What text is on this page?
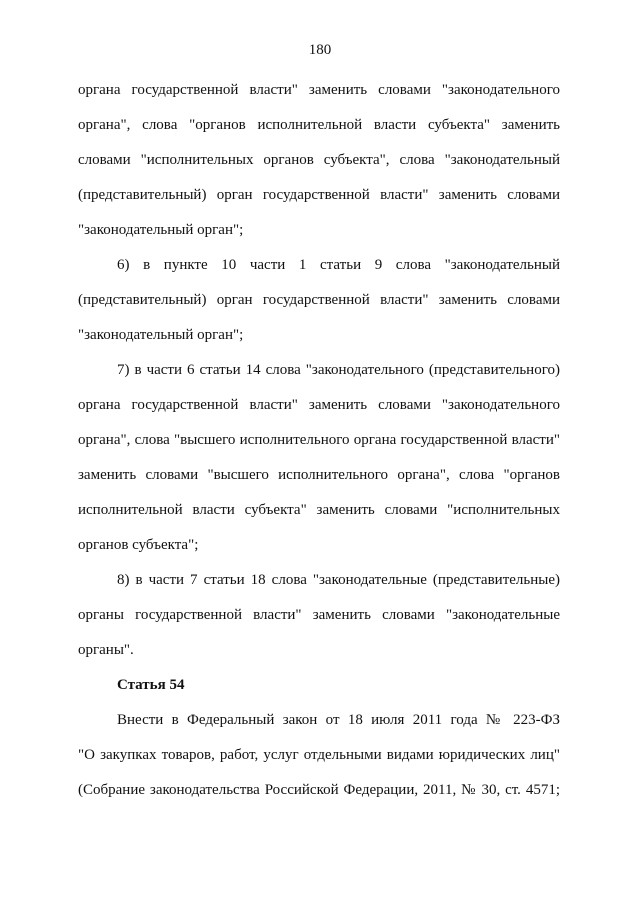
180
органа государственной власти" заменить словами "законодательного
органа", слова "органов исполнительной власти субъекта" заменить
словами "исполнительных органов субъекта", слова "законодательный
(представительный) орган государственной власти" заменить словами
"законодательный орган";
6) в пункте 10 части 1 статьи 9 слова "законодательный
(представительный) орган государственной власти" заменить словами
"законодательный орган";
7) в части 6 статьи 14 слова "законодательного (представительного)
органа государственной власти" заменить словами "законодательного
органа", слова "высшего исполнительного органа государственной власти"
заменить словами "высшего исполнительного органа", слова "органов
исполнительной власти субъекта" заменить словами "исполнительных
органов субъекта";
8) в части 7 статьи 18 слова "законодательные (представительные)
органы государственной власти" заменить словами "законодательные
органы".
Статья 54
Внести в Федеральный закон от 18 июля 2011 года № 223-ФЗ
"О закупках товаров, работ, услуг отдельными видами юридических лиц"
(Собрание законодательства Российской Федерации, 2011, № 30, ст. 4571;
